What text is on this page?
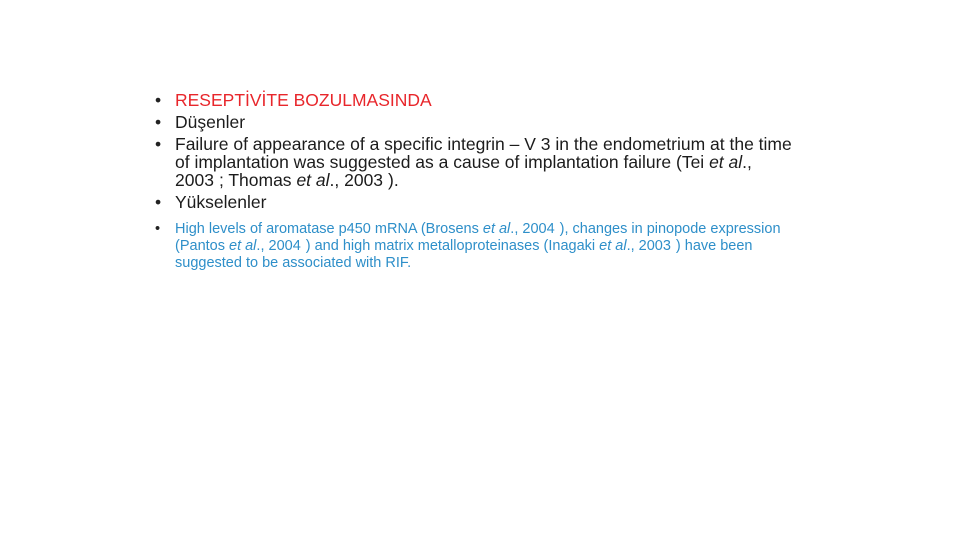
• RESEPTİVİTE BOZULMASINDA
• Düşenler
• Failure of appearance of a specific integrin – V 3 in the endometrium at the time of implantation was suggested as a cause of implantation failure (Tei et al., 2003 ; Thomas et al., 2003 ).
• Yükselenler
• High levels of aromatase p450 mRNA (Brosens et al., 2004 ), changes in pinopode expression (Pantos et al., 2004 ) and high matrix metalloproteinases (Inagaki et al., 2003 ) have been suggested to be associated with RIF.
